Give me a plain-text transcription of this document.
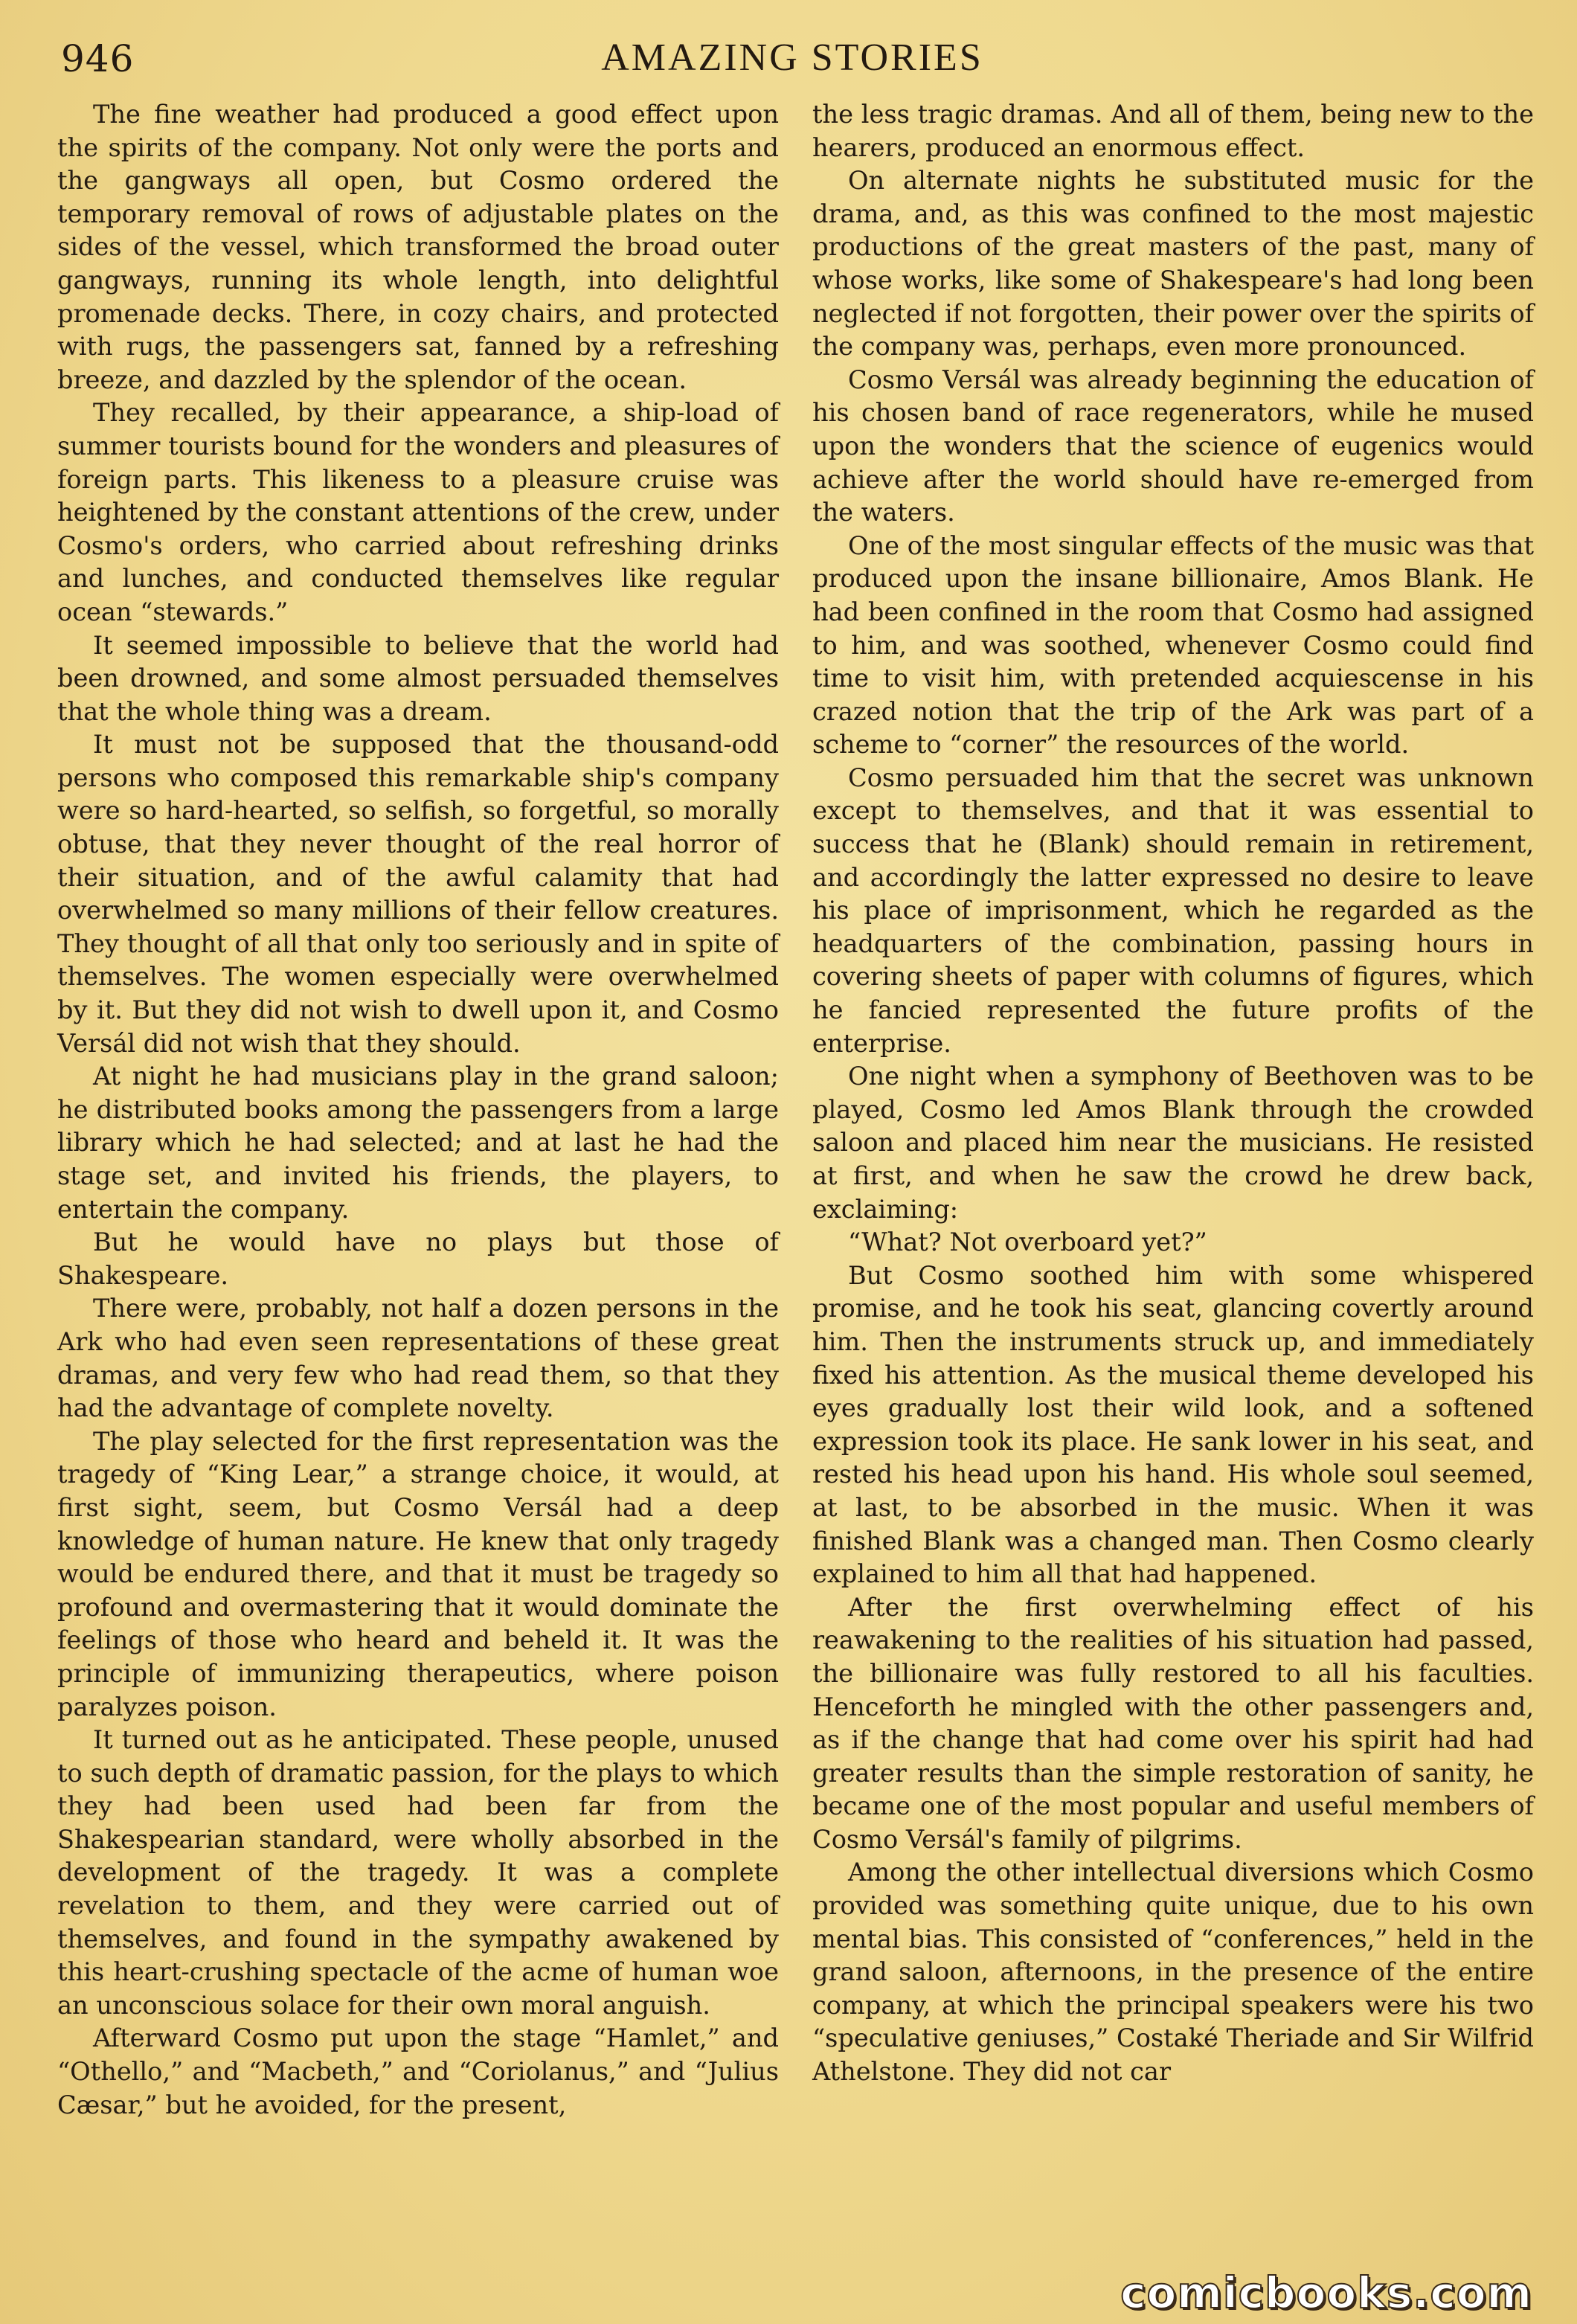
946	AMAZING STORIES

The fine weather had produced a good effect upon the spirits of the company. Not only were the ports and the gangways all open, but Cosmo ordered the temporary removal of rows of adjustable plates on the sides of the vessel, which transformed the broad outer gangways, running its whole length, into delightful promenade decks. There, in cozy chairs, and protected with rugs, the passengers sat, fanned by a refreshing breeze, and dazzled by the splendor of the ocean.

They recalled, by their appearance, a ship-load of summer tourists bound for the wonders and pleasures of foreign parts. This likeness to a pleasure cruise was heightened by the constant attentions of the crew, under Cosmo's orders, who carried about refreshing drinks and lunches, and conducted themselves like regular ocean “stewards.”

It seemed impossible to believe that the world had been drowned, and some almost persuaded themselves that the whole thing was a dream.

It must not be supposed that the thousand-odd persons who composed this remarkable ship's company were so hard-hearted, so selfish, so forgetful, so morally obtuse, that they never thought of the real horror of their situation, and of the awful calamity that had overwhelmed so many millions of their fellow creatures. They thought of all that only too seriously and in spite of themselves. The women especially were overwhelmed by it. But they did not wish to dwell upon it, and Cosmo Versál did not wish that they should.

At night he had musicians play in the grand saloon; he distributed books among the passengers from a large library which he had selected; and at last he had the stage set, and invited his friends, the players, to entertain the company.

But he would have no plays but those of Shakespeare.

There were, probably, not half a dozen persons in the Ark who had even seen representations of these great dramas, and very few who had read them, so that they had the advantage of complete novelty.

The play selected for the first representation was the tragedy of “King Lear,” a strange choice, it would, at first sight, seem, but Cosmo Versál had a deep knowledge of human nature. He knew that only tragedy would be endured there, and that it must be tragedy so profound and overmastering that it would dominate the feelings of those who heard and beheld it. It was the principle of immunizing therapeutics, where poison paralyzes poison.

It turned out as he anticipated. These people, unused to such depth of dramatic passion, for the plays to which they had been used had been far from the Shakespearian standard, were wholly absorbed in the development of the tragedy. It was a complete revelation to them, and they were carried out of themselves, and found in the sympathy awakened by this heart-crushing spectacle of the acme of human woe an unconscious solace for their own moral anguish.

Afterward Cosmo put upon the stage “Hamlet,” and “Othello,” and “Macbeth,” and “Coriolanus,” and “Julius Cæsar,” but he avoided, for the present,

the less tragic dramas. And all of them, being new to the hearers, produced an enormous effect.

On alternate nights he substituted music for the drama, and, as this was confined to the most majestic productions of the great masters of the past, many of whose works, like some of Shakespeare's had long been neglected if not forgotten, their power over the spirits of the company was, perhaps, even more pronounced.

Cosmo Versál was already beginning the education of his chosen band of race regenerators, while he mused upon the wonders that the science of eugenics would achieve after the world should have re-emerged from the waters.

One of the most singular effects of the music was that produced upon the insane billionaire, Amos Blank. He had been confined in the room that Cosmo had assigned to him, and was soothed, whenever Cosmo could find time to visit him, with pretended acquiescense in his crazed notion that the trip of the Ark was part of a scheme to “corner” the resources of the world.

Cosmo persuaded him that the secret was unknown except to themselves, and that it was essential to success that he (Blank) should remain in retirement, and accordingly the latter expressed no desire to leave his place of imprisonment, which he regarded as the headquarters of the combination, passing hours in covering sheets of paper with columns of figures, which he fancied represented the future profits of the enterprise.

One night when a symphony of Beethoven was to be played, Cosmo led Amos Blank through the crowded saloon and placed him near the musicians. He resisted at first, and when he saw the crowd he drew back, exclaiming:

“What? Not overboard yet?”

But Cosmo soothed him with some whispered promise, and he took his seat, glancing covertly around him. Then the instruments struck up, and immediately fixed his attention. As the musical theme developed his eyes gradually lost their wild look, and a softened expression took its place. He sank lower in his seat, and rested his head upon his hand. His whole soul seemed, at last, to be absorbed in the music. When it was finished Blank was a changed man. Then Cosmo clearly explained to him all that had happened.

After the first overwhelming effect of his reawakening to the realities of his situation had passed, the billionaire was fully restored to all his faculties. Henceforth he mingled with the other passengers and, as if the change that had come over his spirit had had greater results than the simple restoration of sanity, he became one of the most popular and useful members of Cosmo Versál's family of pilgrims.

Among the other intellectual diversions which Cosmo provided was something quite unique, due to his own mental bias. This consisted of “conferences,” held in the grand saloon, afternoons, in the presence of the entire company, at which the principal speakers were his two “speculative geniuses,” Costaké Theriade and Sir Wilfrid Athelstone. They did not car

comicbooks.com
